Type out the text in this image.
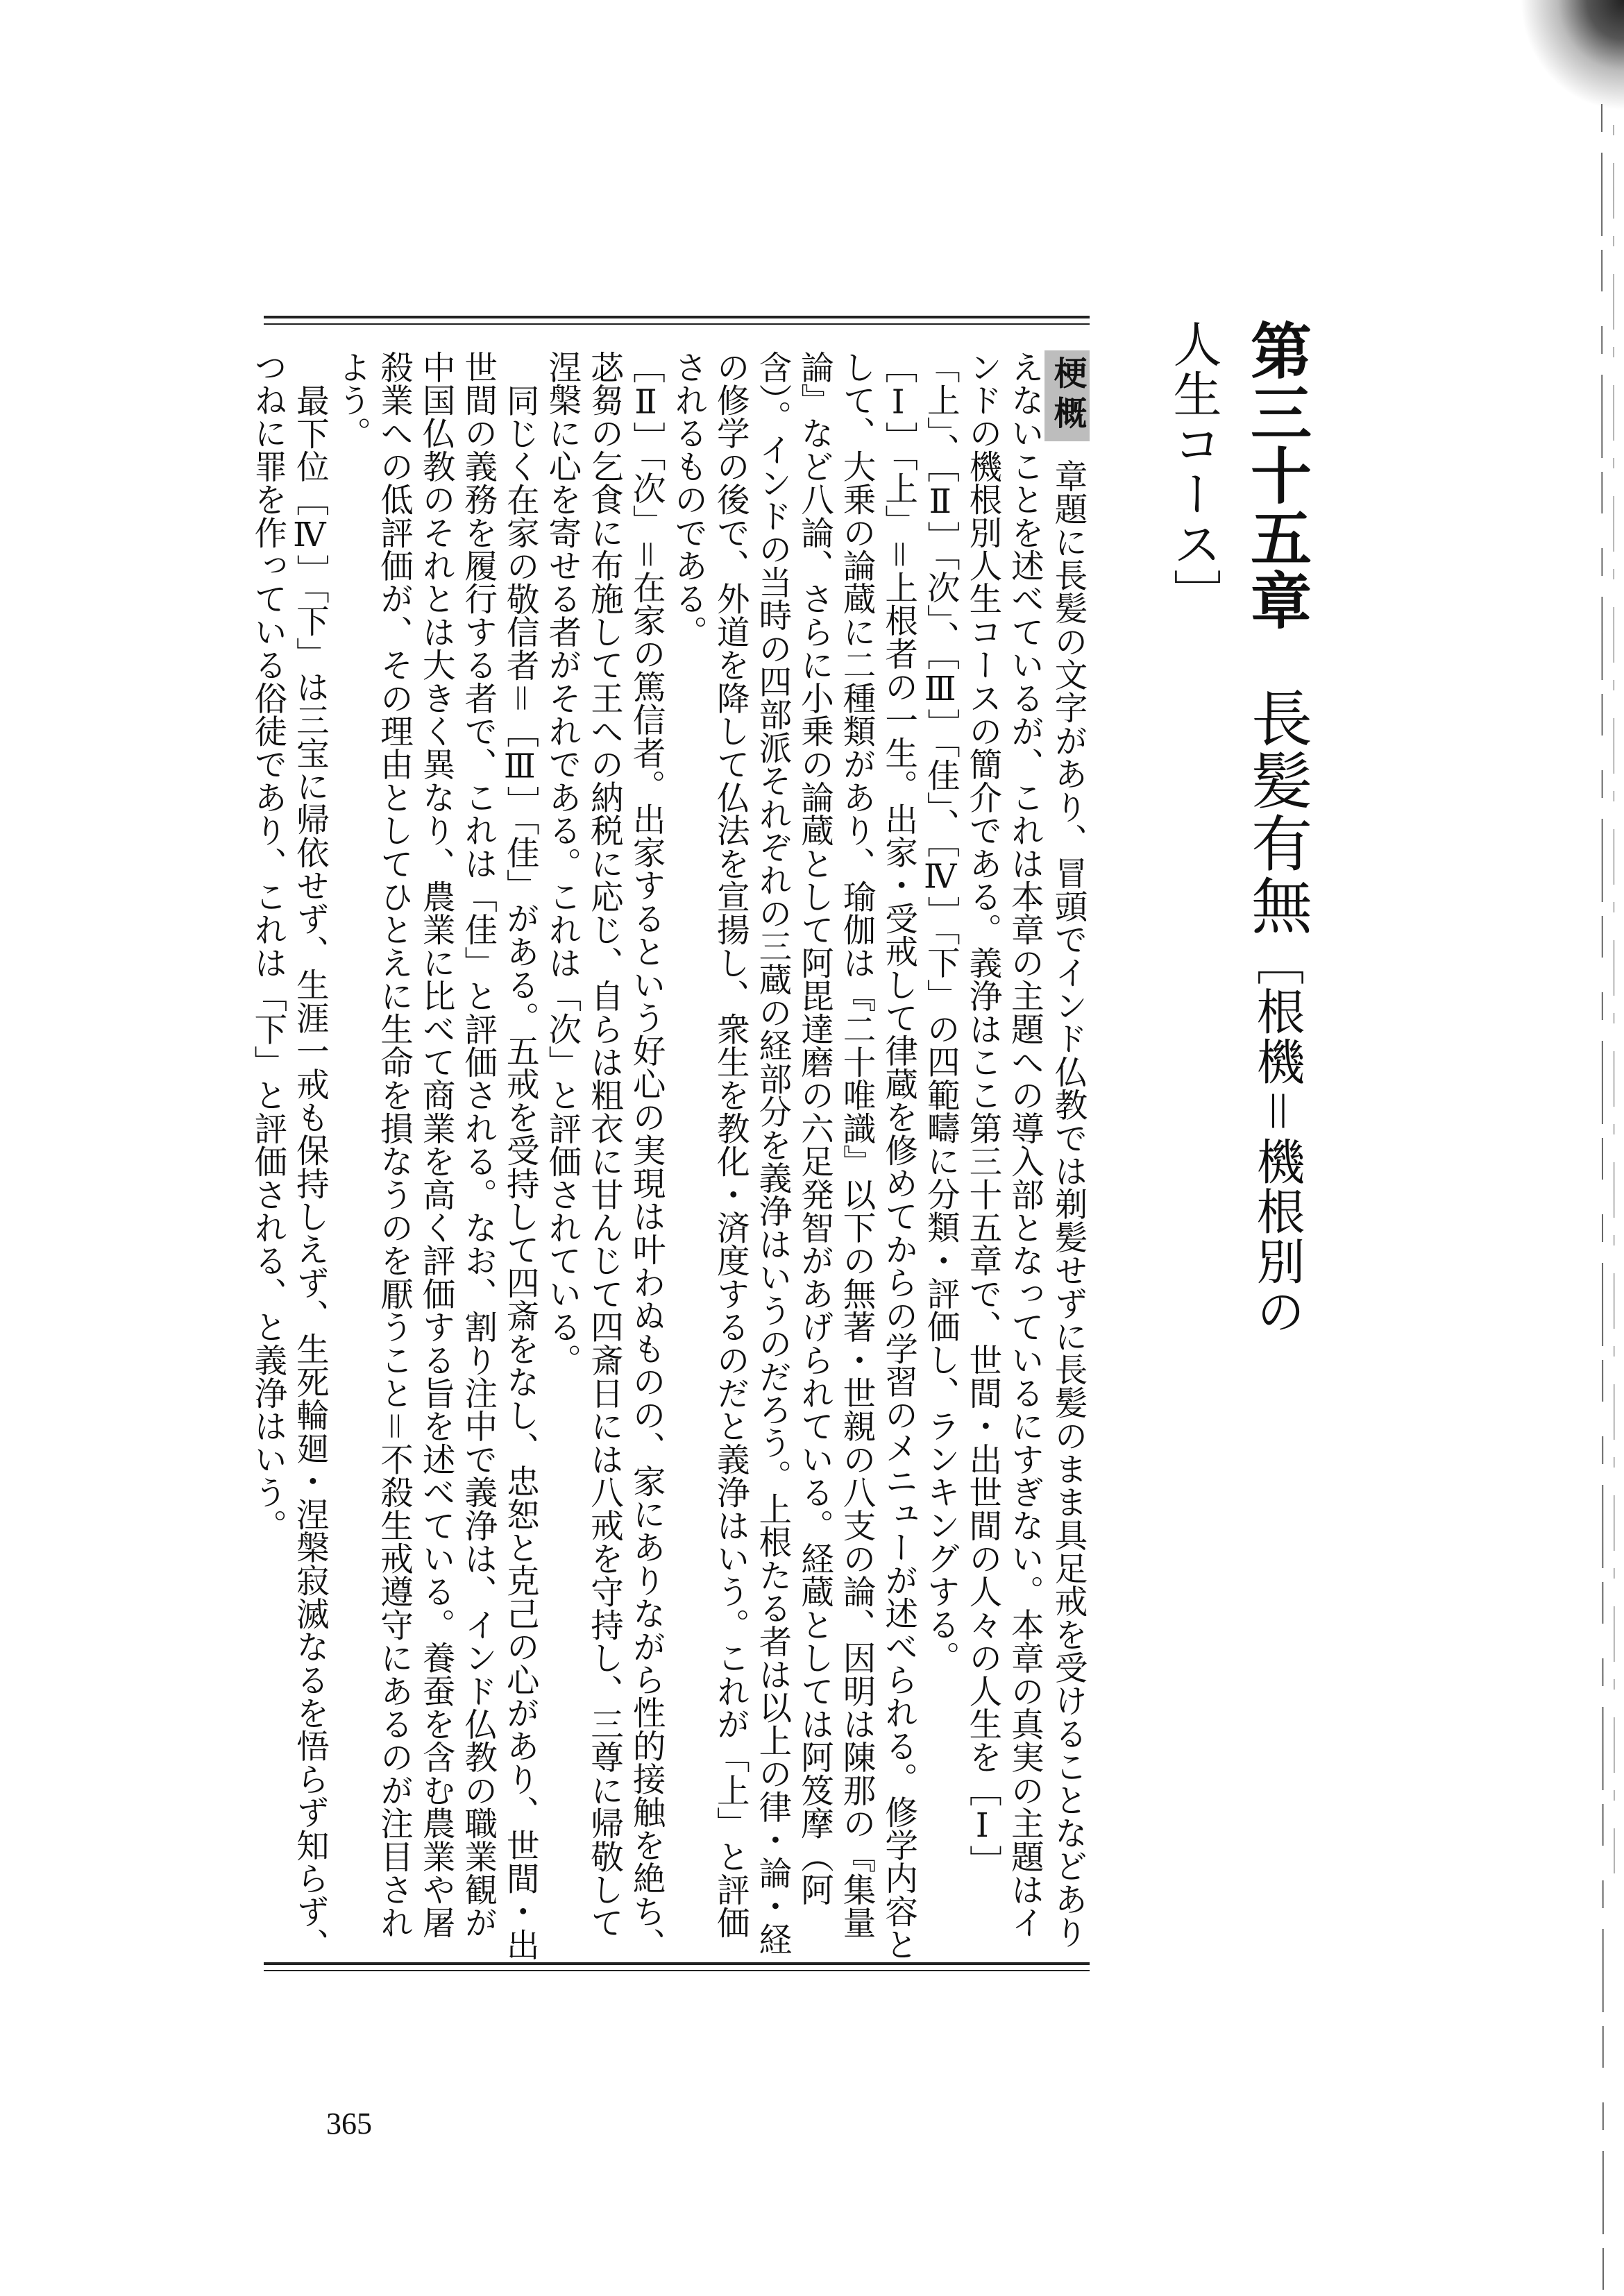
第三十五章長髪有無［根機＝機根別の人生コース］

梗概章題に長髪の文字があり、冒頭でインド仏教では剃髪せずに長髪のまま具足戒を受けることなどありえないことを述べているが、これは本章の主題への導入部となっているにすぎない。本章の真実の主題はインドの機根別人生コースの簡介である。義浄はここ第三十五章で、世間・出世間の人々の人生を［Ⅰ］「上」、［Ⅱ］「次」、［Ⅲ］「佳」、［Ⅳ］「下」の四範疇に分類・評価し、ランキングする。

［Ⅰ］「上」＝上根者の一生。出家・受戒して律蔵を修めてからの学習のメニューが述べられる。修学内容として、大乗の論蔵に二種類があり、瑜伽は『二十唯識』以下の無著・世親の八支の論、因明は陳那の『集量論』など八論、さらに小乗の論蔵として阿毘達磨の六足発智があげられている。経蔵としては阿笈摩（阿含）。インドの当時の四部派それぞれの三蔵の経部分を義浄はいうのだろう。上根たる者は以上の律・論・経の修学の後で、外道を降して仏法を宣揚し、衆生を教化・済度するのだと義浄はいう。これが「上」と評価されるものである。

［Ⅱ］「次」＝在家の篤信者。出家するという好心の実現は叶わぬものの、家にありながら性的接触を絶ち、苾芻の乞食に布施して王への納税に応じ、自らは粗衣に甘んじて四斎日には八戒を守持し、三尊に帰敬して涅槃に心を寄せる者がそれである。これは「次」と評価されている。

同じく在家の敬信者＝［Ⅲ］「佳」がある。五戒を受持して四斎をなし、忠恕と克己の心があり、世間・出世間の義務を履行する者で、これは「佳」と評価される。なお、割り注中で義浄は、インド仏教の職業観が中国仏教のそれとは大きく異なり、農業に比べて商業を高く評価する旨を述べている。養蚕を含む農業や屠殺業への低評価が、その理由としてひとえに生命を損なうのを厭うこと＝不殺生戒遵守にあるのが注目されよう。

最下位［Ⅳ］「下」は三宝に帰依せず、生涯一戒も保持しえず、生死輪廻・涅槃寂滅なるを悟らず知らず、つねに罪を作っている俗徒であり、これは「下」と評価される、と義浄はいう。

365
